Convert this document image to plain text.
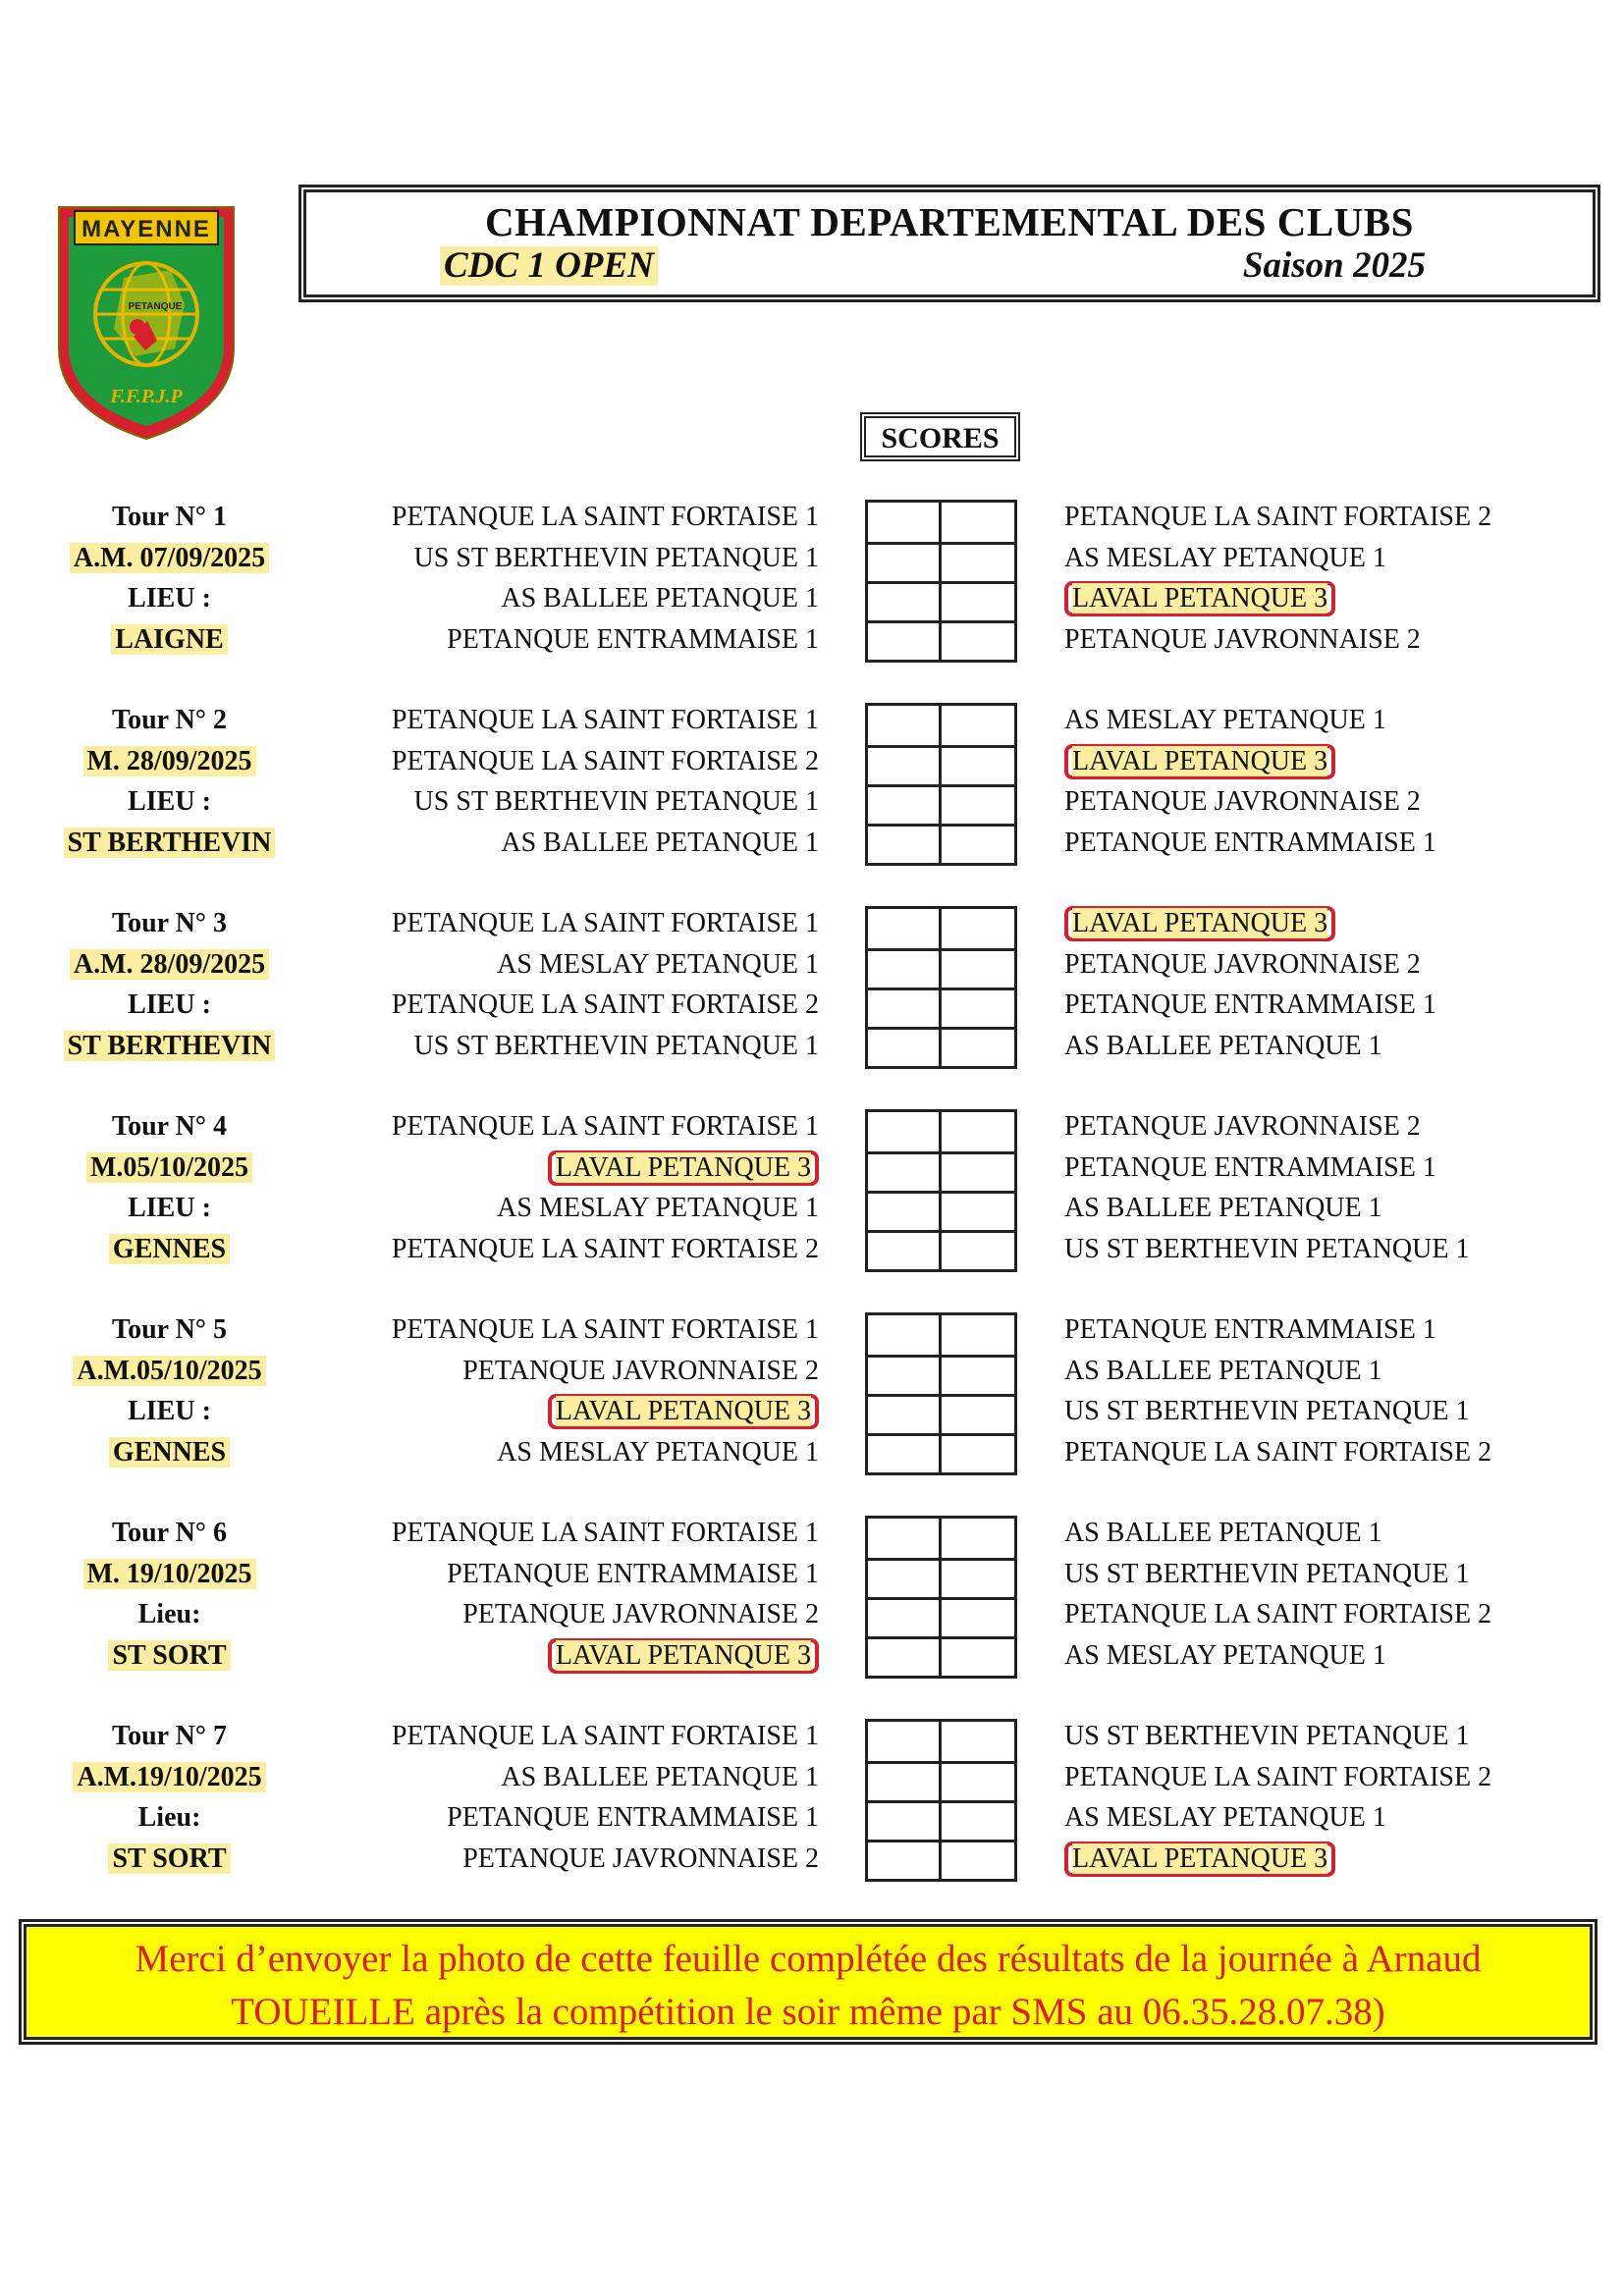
MAYENNE
PETANQUE
F.F.P.J.P
CHAMPIONNAT DEPARTEMENTAL DES CLUBS
CDC 1 OPEN	Saison 2025
SCORES
Tour N° 1
A.M. 07/09/2025
LIEU :
LAIGNE
PETANQUE LA SAINT FORTAISE 1	PETANQUE LA SAINT FORTAISE 2
US ST BERTHEVIN PETANQUE 1	AS MESLAY PETANQUE 1
AS BALLEE PETANQUE 1	LAVAL PETANQUE 3
PETANQUE ENTRAMMAISE 1	PETANQUE JAVRONNAISE 2
Tour N° 2
M. 28/09/2025
LIEU :
ST BERTHEVIN
PETANQUE LA SAINT FORTAISE 1	AS MESLAY PETANQUE 1
PETANQUE LA SAINT FORTAISE 2	LAVAL PETANQUE 3
US ST BERTHEVIN PETANQUE 1	PETANQUE JAVRONNAISE 2
AS BALLEE PETANQUE 1	PETANQUE ENTRAMMAISE 1
Tour N° 3
A.M. 28/09/2025
LIEU :
ST BERTHEVIN
PETANQUE LA SAINT FORTAISE 1	LAVAL PETANQUE 3
AS MESLAY PETANQUE 1	PETANQUE JAVRONNAISE 2
PETANQUE LA SAINT FORTAISE 2	PETANQUE ENTRAMMAISE 1
US ST BERTHEVIN PETANQUE 1	AS BALLEE PETANQUE 1
Tour N° 4
M.05/10/2025
LIEU :
GENNES
PETANQUE LA SAINT FORTAISE 1	PETANQUE JAVRONNAISE 2
LAVAL PETANQUE 3	PETANQUE ENTRAMMAISE 1
AS MESLAY PETANQUE 1	AS BALLEE PETANQUE 1
PETANQUE LA SAINT FORTAISE 2	US ST BERTHEVIN PETANQUE 1
Tour N° 5
A.M.05/10/2025
LIEU :
GENNES
PETANQUE LA SAINT FORTAISE 1	PETANQUE ENTRAMMAISE 1
PETANQUE JAVRONNAISE 2	AS BALLEE PETANQUE 1
LAVAL PETANQUE 3	US ST BERTHEVIN PETANQUE 1
AS MESLAY PETANQUE 1	PETANQUE LA SAINT FORTAISE 2
Tour N° 6
M. 19/10/2025
Lieu:
ST SORT
PETANQUE LA SAINT FORTAISE 1	AS BALLEE PETANQUE 1
PETANQUE ENTRAMMAISE 1	US ST BERTHEVIN PETANQUE 1
PETANQUE JAVRONNAISE 2	PETANQUE LA SAINT FORTAISE 2
LAVAL PETANQUE 3	AS MESLAY PETANQUE 1
Tour N° 7
A.M.19/10/2025
Lieu:
ST SORT
PETANQUE LA SAINT FORTAISE 1	US ST BERTHEVIN PETANQUE 1
AS BALLEE PETANQUE 1	PETANQUE LA SAINT FORTAISE 2
PETANQUE ENTRAMMAISE 1	AS MESLAY PETANQUE 1
PETANQUE JAVRONNAISE 2	LAVAL PETANQUE 3
Merci d’envoyer la photo de cette feuille complétée des résultats de la journée à Arnaud
TOUEILLE après la compétition le soir même par SMS au 06.35.28.07.38)
